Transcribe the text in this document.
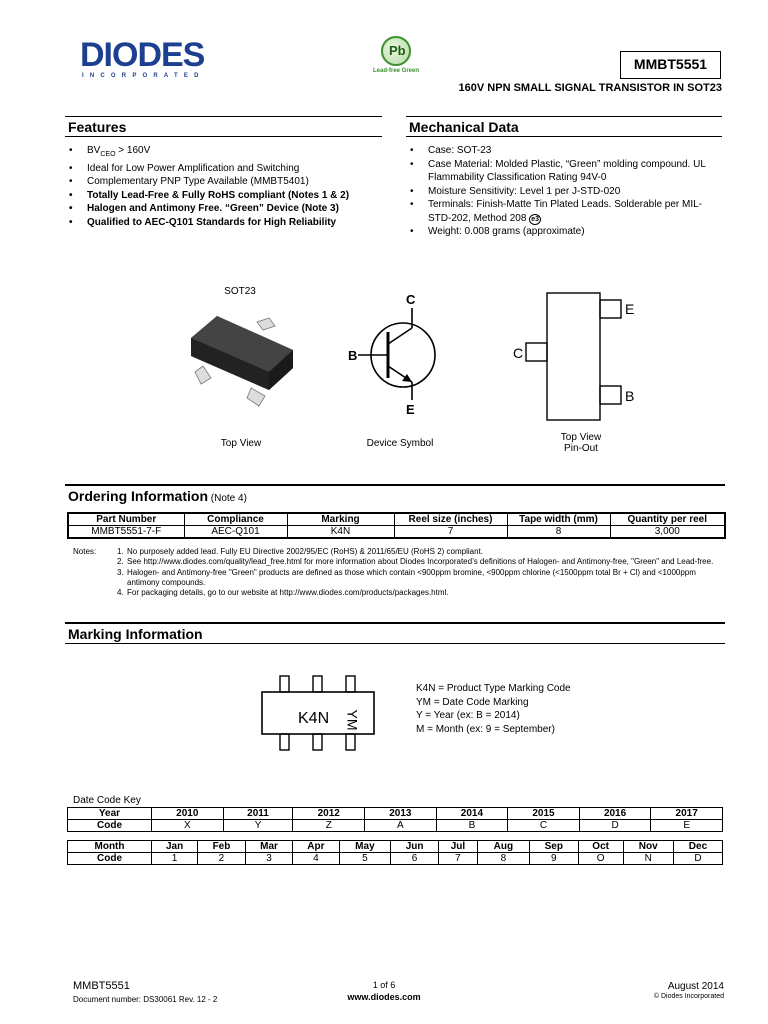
DIODES
INCORPORATED
Pb
Lead-free Green	MMBT5551
160V NPN SMALL SIGNAL TRANSISTOR IN SOT23
Features
• $BV_{CEO} > 160V$
• Ideal for Low Power Amplification and Switching
• Complementary PNP Type Available (MMBT5401)
• Totally Lead-Free & Fully RoHS compliant (Notes 1 & 2)
• Halogen and Antimony Free. “Green” Device (Note 3)
• Qualified to AEC-Q101 Standards for High Reliability
Mechanical Data
• Case: SOT-23
• Case Material: Molded Plastic, “Green” molding compound. UL Flammability Classification Rating 94V-0
• Moisture Sensitivity: Level 1 per J-STD-020
• Terminals: Finish-Matte Tin Plated Leads. Solderable per MIL-STD-202, Method 208 e3
• Weight: 0.008 grams (approximate)
SOT23
Top View
C
B
E
Device Symbol
E
C
B
Top View
Pin-Out
Ordering Information (Note 4)
Part Number	Compliance	Marking	Reel size (inches)	Tape width (mm)	Quantity per reel
MMBT5551-7-F	AEC-Q101	K4N	7	8	3,000
Notes:	1. No purposely added lead. Fully EU Directive 2002/95/EC (RoHS) & 2011/65/EU (RoHS 2) compliant.
2. See http://www.diodes.com/quality/lead_free.html for more information about Diodes Incorporated’s definitions of Halogen- and Antimony-free, "Green" and Lead-free.
3. Halogen- and Antimony-free "Green" products are defined as those which contain <900ppm bromine, <900ppm chlorine (<1500ppm total Br + Cl) and <1000ppm antimony compounds.
4. For packaging details, go to our website at http://www.diodes.com/products/packages.html.
Marking Information
K4N YM
K4N = Product Type Marking Code
YM = Date Code Marking
Y = Year (ex: B = 2014)
M = Month (ex: 9 = September)
Date Code Key
Year	2010	2011	2012	2013	2014	2015	2016	2017
Code	X	Y	Z	A	B	C	D	E
Month	Jan	Feb	Mar	Apr	May	Jun	Jul	Aug	Sep	Oct	Nov	Dec
Code	1	2	3	4	5	6	7	8	9	O	N	D
MMBT5551
Document number: DS30061 Rev. 12 - 2
1 of 6
www.diodes.com
August 2014
© Diodes Incorporated
